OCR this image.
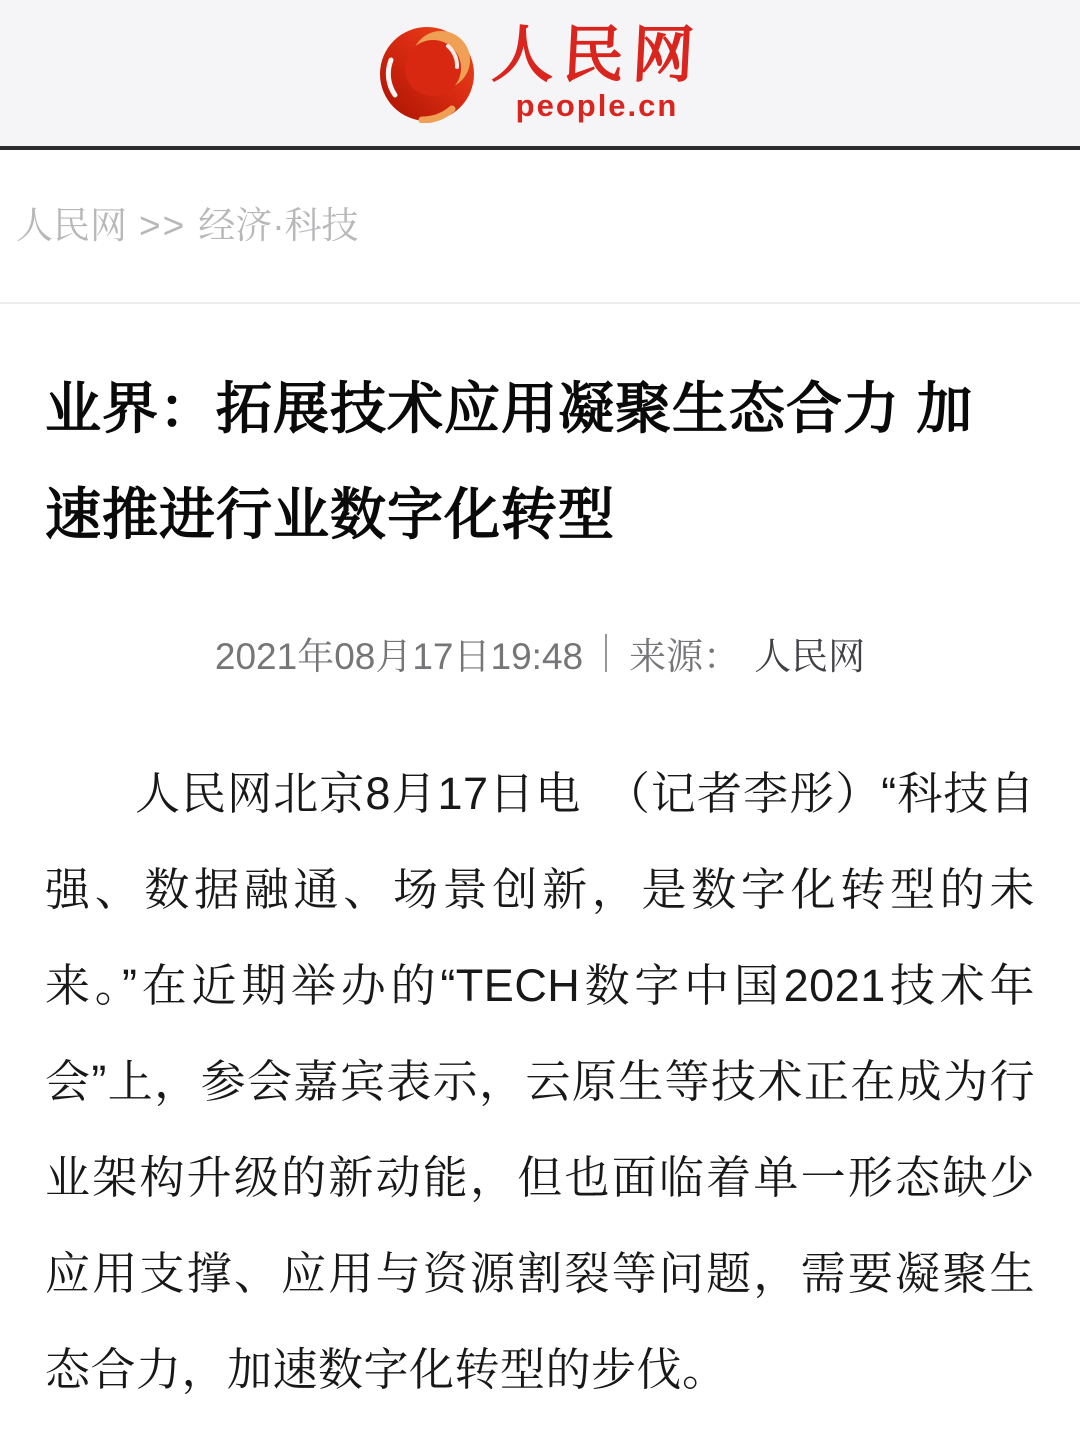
人民网
people.cn
人民网 >> 经济·科技
业界：拓展技术应用凝聚生态合力 加速推进行业数字化转型
2021年08月17日19:48 来源： 人民网

人民网北京8月17日电　（记者李彤）“科技自强、数据融通、场景创新，是数字化转型的未来。”在近期举办的“TECH数字中国2021技术年会”上，参会嘉宾表示，云原生等技术正在成为行业架构升级的新动能，但也面临着单一形态缺少应用支撑、应用与资源割裂等问题，需要凝聚生态合力，加速数字化转型的步伐。
